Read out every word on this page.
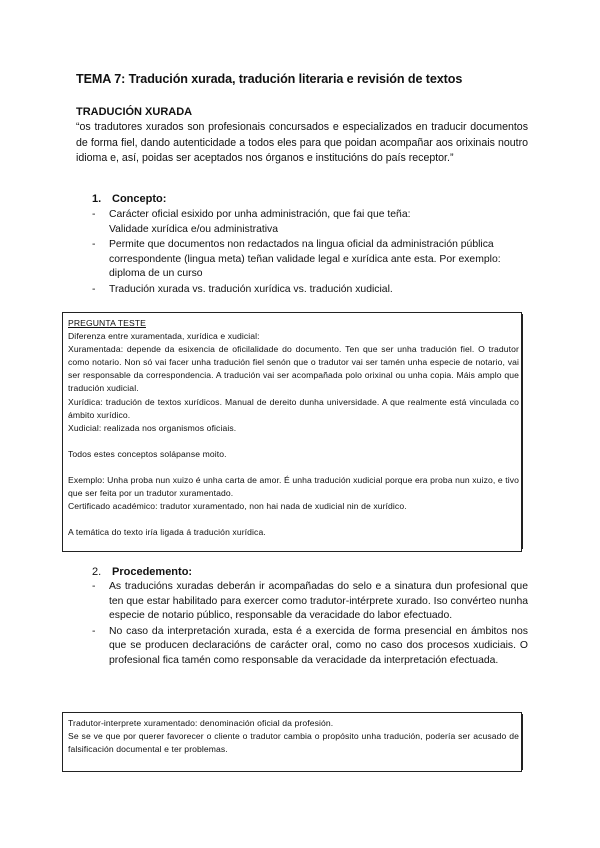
TEMA 7: Tradución xurada, tradución literaria e revisión de textos
TRADUCIÓN XURADA
“os tradutores xurados son profesionais concursados e especializados en traducir documentos de forma fiel, dando autenticidade a todos eles para que poidan acompañar aos orixinais noutro idioma e, así, poidas ser aceptados nos órganos e institucións do país receptor.”
1. Concepto:
- Carácter oficial esixido por unha administración, que fai que teña:
Validade xurídica e/ou administrativa
- Permite que documentos non redactados na lingua oficial da administración pública correspondente (lingua meta) teñan validade legal e xurídica ante esta. Por exemplo: diploma de un curso
- Tradución xurada vs. tradución xurídica vs. tradución xudicial.

PREGUNTA TESTE

Diferenza entre xuramentada, xurídica e xudicial:

Xuramentada: depende da esixencia de oficilalidade do documento. Ten que ser unha tradución fiel. O tradutor como notario. Non só vai facer unha tradución fiel senón que o tradutor vai ser tamén unha especie de notario, vai ser responsable da correspondencia. A tradución vai ser acompañada polo orixinal ou unha copia. Máis amplo que tradución xudicial.

Xurídica: tradución de textos xurídicos. Manual de dereito dunha universidade. A que realmente está vinculada co ámbito xurídico.

Xudicial: realizada nos organismos oficiais.

Todos estes conceptos solápanse moito.

Exemplo: Unha proba nun xuizo é unha carta de amor. É unha tradución xudicial porque era proba nun xuizo, e tivo que ser feita por un tradutor xuramentado.

Certificado académico: tradutor xuramentado, non hai nada de xudicial nin de xurídico.

A temática do texto iría ligada á tradución xurídica.

2. Procedemento:
- As traducións xuradas deberán ir acompañadas do selo e a sinatura dun profesional que ten que estar habilitado para exercer como tradutor-intérprete xurado. Iso convérteo nunha especie de notario público, responsable da veracidade do labor efectuado.
- No caso da interpretación xurada, esta é a exercida de forma presencial en ámbitos nos que se producen declaracións de carácter oral, como no caso dos procesos xudiciais. O profesional fica tamén como responsable da veracidade da interpretación efectuada.

Tradutor-interprete xuramentado: denominación oficial da profesión.

Se se ve que por querer favorecer o cliente o tradutor cambia o propósito unha tradución, podería ser acusado de falsificación documental e ter problemas.
